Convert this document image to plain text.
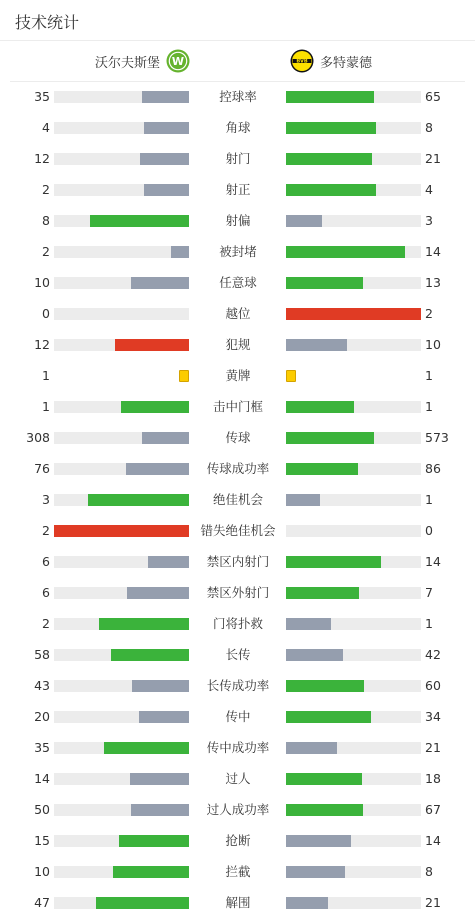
技术统计
沃尔夫斯堡 W	BVB 多特蒙德
35	控球率	65
4	角球	8
12	射门	21
2	射正	4
8	射偏	3
2	被封堵	14
10	任意球	13
0	越位	2
12	犯规	10
1	黄牌	1
1	击中门框	1
308	传球	573
76	传球成功率	86
3	绝佳机会	1
2	错失绝佳机会	0
6	禁区内射门	14
6	禁区外射门	7
2	门将扑救	1
58	长传	42
43	长传成功率	60
20	传中	34
35	传中成功率	21
14	过人	18
50	过人成功率	67
15	抢断	14
10	拦截	8
47	解围	21
